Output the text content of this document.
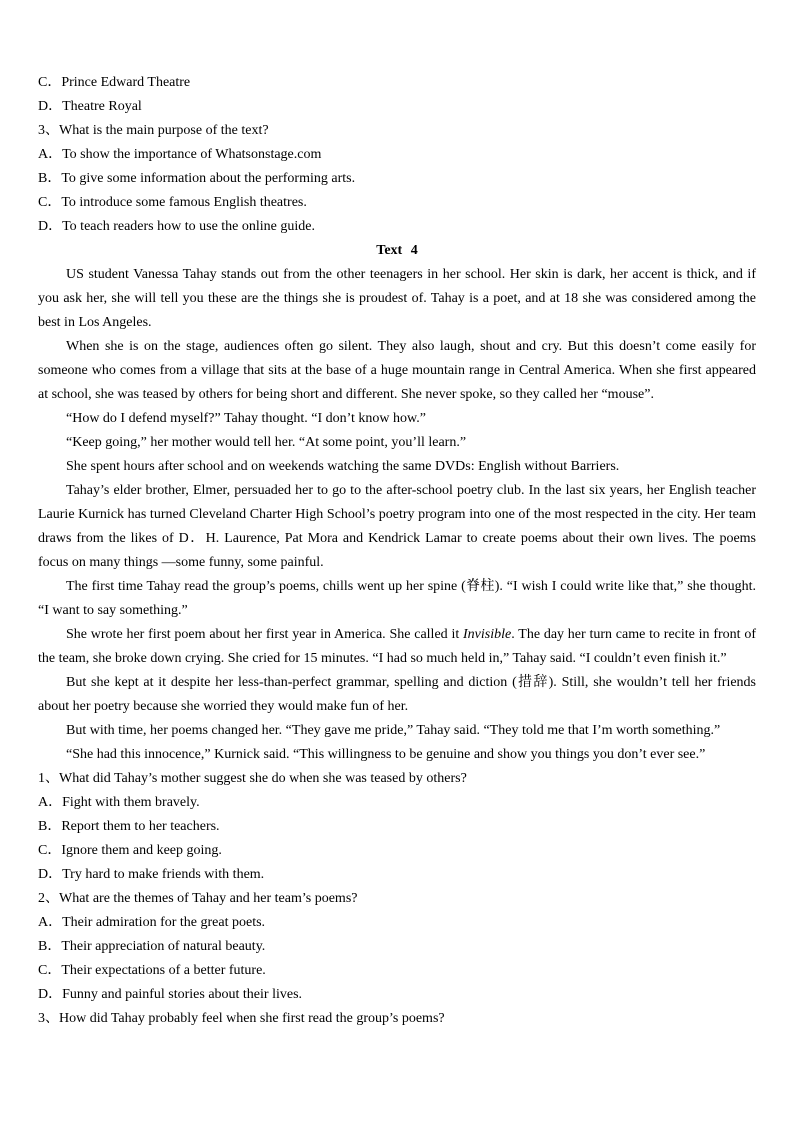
C．Prince Edward Theatre

D．Theatre Royal

3、What is the main purpose of the text?

A．To show the importance of Whatsonstage.com

B．To give some information about the performing arts.

C．To introduce some famous English theatres.

D．To teach readers how to use the online guide.

Text 4

US student Vanessa Tahay stands out from the other teenagers in her school. Her skin is dark, her accent is thick, and if you ask her, she will tell you these are the things she is proudest of. Tahay is a poet, and at 18 she was considered among the best in Los Angeles.

When she is on the stage, audiences often go silent. They also laugh, shout and cry. But this doesn’t come easily for someone who comes from a village that sits at the base of a huge mountain range in Central America. When she first appeared at school, she was teased by others for being short and different. She never spoke, so they called her “mouse”.

“How do I defend myself?” Tahay thought. “I don’t know how.”

“Keep going,” her mother would tell her. “At some point, you’ll learn.”

She spent hours after school and on weekends watching the same DVDs: English without Barriers.

Tahay’s elder brother, Elmer, persuaded her to go to the after-school poetry club. In the last six years, her English teacher Laurie Kurnick has turned Cleveland Charter High School’s poetry program into one of the most respected in the city. Her team draws from the likes of D．H. Laurence, Pat Mora and Kendrick Lamar to create poems about their own lives. The poems focus on many things —some funny, some painful.

The first time Tahay read the group’s poems, chills went up her spine (脊柱). “I wish I could write like that,” she thought. “I want to say something.”

She wrote her first poem about her first year in America. She called it Invisible. The day her turn came to recite in front of the team, she broke down crying. She cried for 15 minutes. “I had so much held in,” Tahay said. “I couldn’t even finish it.”

But she kept at it despite her less-than-perfect grammar, spelling and diction (措辞). Still, she wouldn’t tell her friends about her poetry because she worried they would make fun of her.

But with time, her poems changed her. “They gave me pride,” Tahay said. “They told me that I’m worth something.”

“She had this innocence,” Kurnick said. “This willingness to be genuine and show you things you don’t ever see.”

1、What did Tahay’s mother suggest she do when she was teased by others?

A．Fight with them bravely.

B．Report them to her teachers.

C．Ignore them and keep going.

D．Try hard to make friends with them.

2、What are the themes of Tahay and her team’s poems?

A．Their admiration for the great poets.

B．Their appreciation of natural beauty.

C．Their expectations of a better future.

D．Funny and painful stories about their lives.

3、How did Tahay probably feel when she first read the group’s poems?
